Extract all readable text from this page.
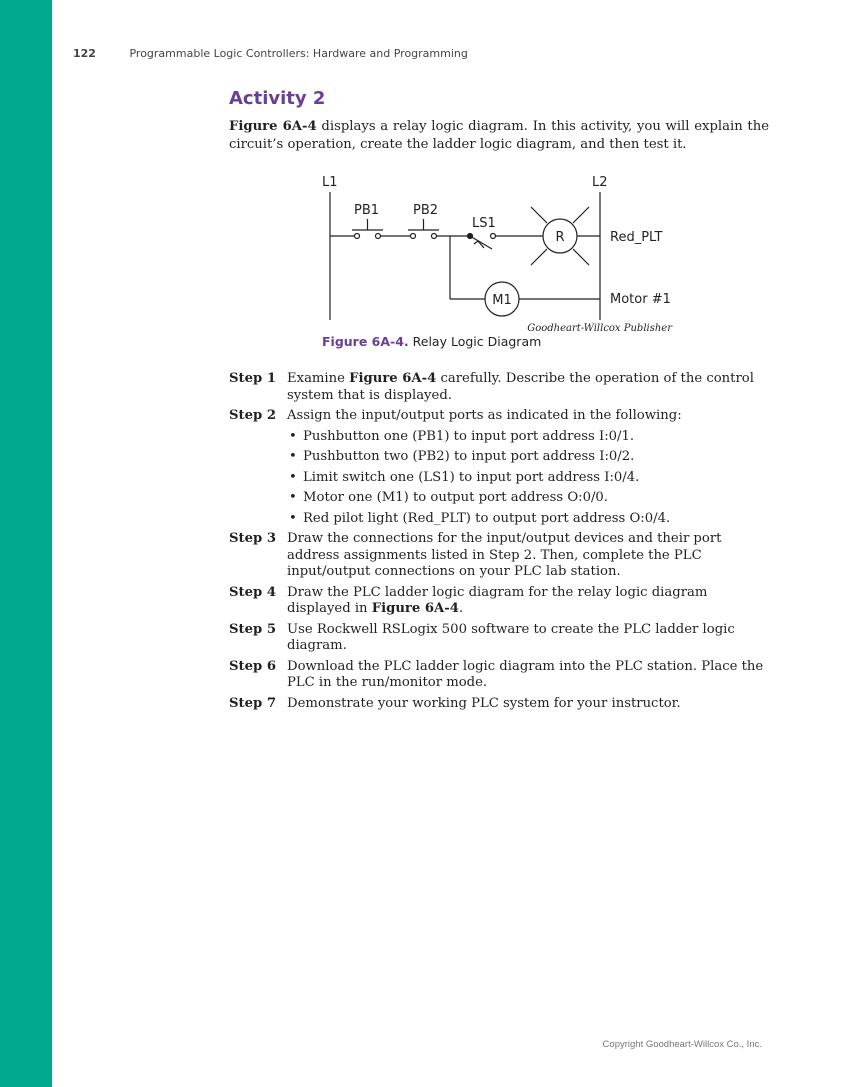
122	Programmable Logic Controllers: Hardware and Programming
Activity 2
Figure 6A-4 displays a relay logic diagram. In this activity, you will explain the circuit’s operation, create the ladder logic diagram, and then test it.
L1	L2
PB1	PB2
LS1
R
M1
Red_PLT
Motor #1
Goodheart-Willcox Publisher
Figure 6A-4. Relay Logic Diagram
Step 1 Examine Figure 6A-4 carefully. Describe the operation of the control system that is displayed.
Step 2 Assign the input/output ports as indicated in the following:
• Pushbutton one (PB1) to input port address I:0/1.
• Pushbutton two (PB2) to input port address I:0/2.
• Limit switch one (LS1) to input port address I:0/4.
• Motor one (M1) to output port address O:0/0.
• Red pilot light (Red_PLT) to output port address O:0/4.
Step 3 Draw the connections for the input/output devices and their port address assignments listed in Step 2. Then, complete the PLC input/output connections on your PLC lab station.
Step 4 Draw the PLC ladder logic diagram for the relay logic diagram displayed in Figure 6A-4.
Step 5 Use Rockwell RSLogix 500 software to create the PLC ladder logic diagram.
Step 6 Download the PLC ladder logic diagram into the PLC station. Place the PLC in the run/monitor mode.
Step 7 Demonstrate your working PLC system for your instructor.
Copyright Goodheart-Willcox Co., Inc.
